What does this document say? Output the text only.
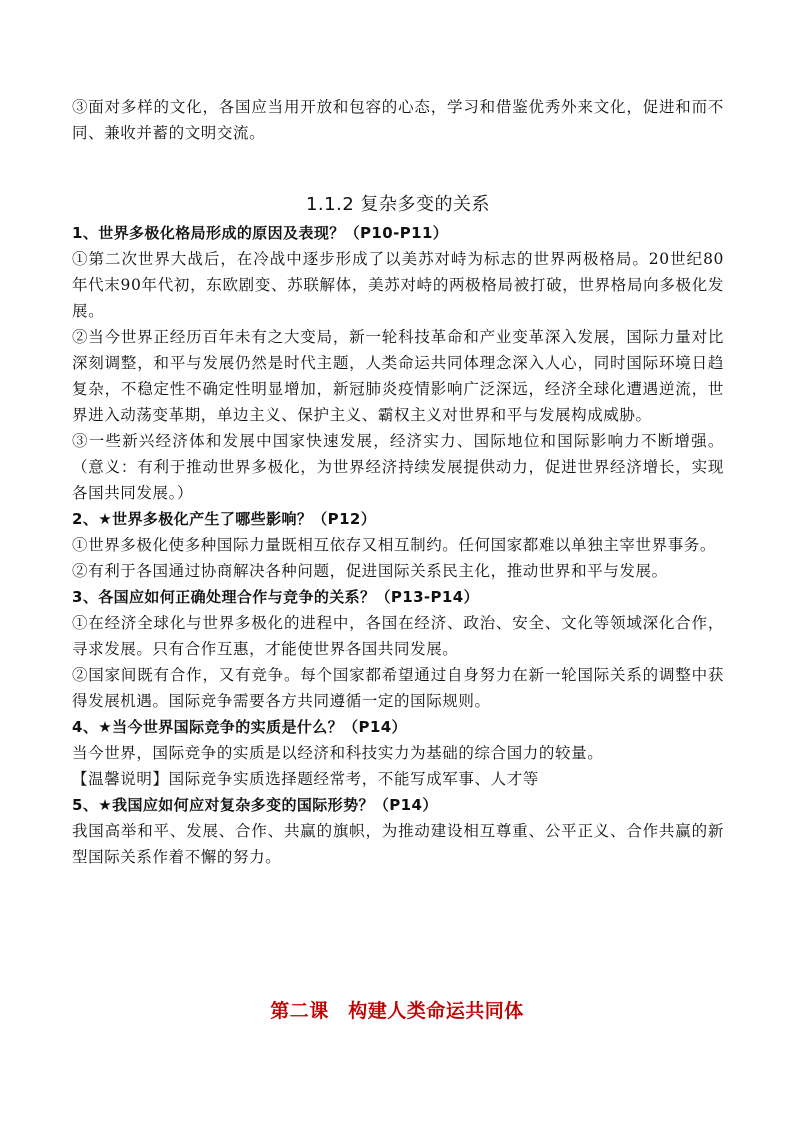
③面对多样的文化，各国应当用开放和包容的心态，学习和借鉴优秀外来文化，促进和而不同、兼收并蓄的文明交流。

1.1.2 复杂多变的关系

1、世界多极化格局形成的原因及表现？（P10-P11）

①第二次世界大战后，在冷战中逐步形成了以美苏对峙为标志的世界两极格局。20世纪80年代末90年代初，东欧剧变、苏联解体，美苏对峙的两极格局被打破，世界格局向多极化发展。

②当今世界正经历百年未有之大变局，新一轮科技革命和产业变革深入发展，国际力量对比深刻调整，和平与发展仍然是时代主题，人类命运共同体理念深入人心，同时国际环境日趋复杂，不稳定性不确定性明显增加，新冠肺炎疫情影响广泛深远，经济全球化遭遇逆流，世界进入动荡变革期，单边主义、保护主义、霸权主义对世界和平与发展构成威胁。

③一些新兴经济体和发展中国家快速发展，经济实力、国际地位和国际影响力不断增强。（意义：有利于推动世界多极化，为世界经济持续发展提供动力，促进世界经济增长，实现各国共同发展。）

2、★世界多极化产生了哪些影响？（P12）

①世界多极化使多种国际力量既相互依存又相互制约。任何国家都难以单独主宰世界事务。

②有利于各国通过协商解决各种问题，促进国际关系民主化，推动世界和平与发展。

3、各国应如何正确处理合作与竞争的关系？（P13-P14）

①在经济全球化与世界多极化的进程中，各国在经济、政治、安全、文化等领域深化合作，寻求发展。只有合作互惠，才能使世界各国共同发展。

②国家间既有合作，又有竞争。每个国家都希望通过自身努力在新一轮国际关系的调整中获得发展机遇。国际竞争需要各方共同遵循一定的国际规则。

4、★当今世界国际竞争的实质是什么？（P14）

当今世界，国际竞争的实质是以经济和科技实力为基础的综合国力的较量。

【温馨说明】国际竞争实质选择题经常考，不能写成军事、人才等

5、★我国应如何应对复杂多变的国际形势？（P14）

我国高举和平、发展、合作、共赢的旗帜，为推动建设相互尊重、公平正义、合作共赢的新型国际关系作着不懈的努力。

第二课　构建人类命运共同体
